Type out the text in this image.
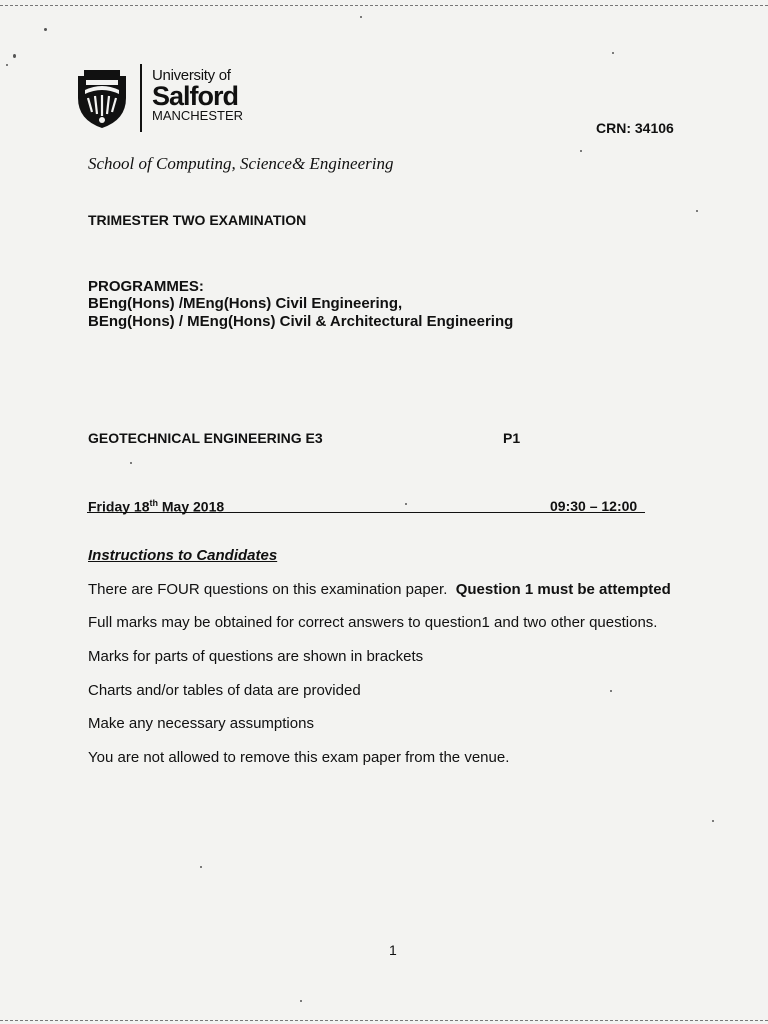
University of
Salford
MANCHESTER
CRN: 34106
School of Computing, Science& Engineering
TRIMESTER TWO EXAMINATION
PROGRAMMES:
BEng(Hons) /MEng(Hons) Civil Engineering,
BEng(Hons) / MEng(Hons) Civil & Architectural Engineering
GEOTECHNICAL ENGINEERING E3	P1
Friday 18th May 2018	09:30 – 12:00
Instructions to Candidates
There are FOUR questions on this examination paper. Question 1 must be attempted
Full marks may be obtained for correct answers to question1 and two other questions.
Marks for parts of questions are shown in brackets
Charts and/or tables of data are provided
Make any necessary assumptions
You are not allowed to remove this exam paper from the venue.
1
